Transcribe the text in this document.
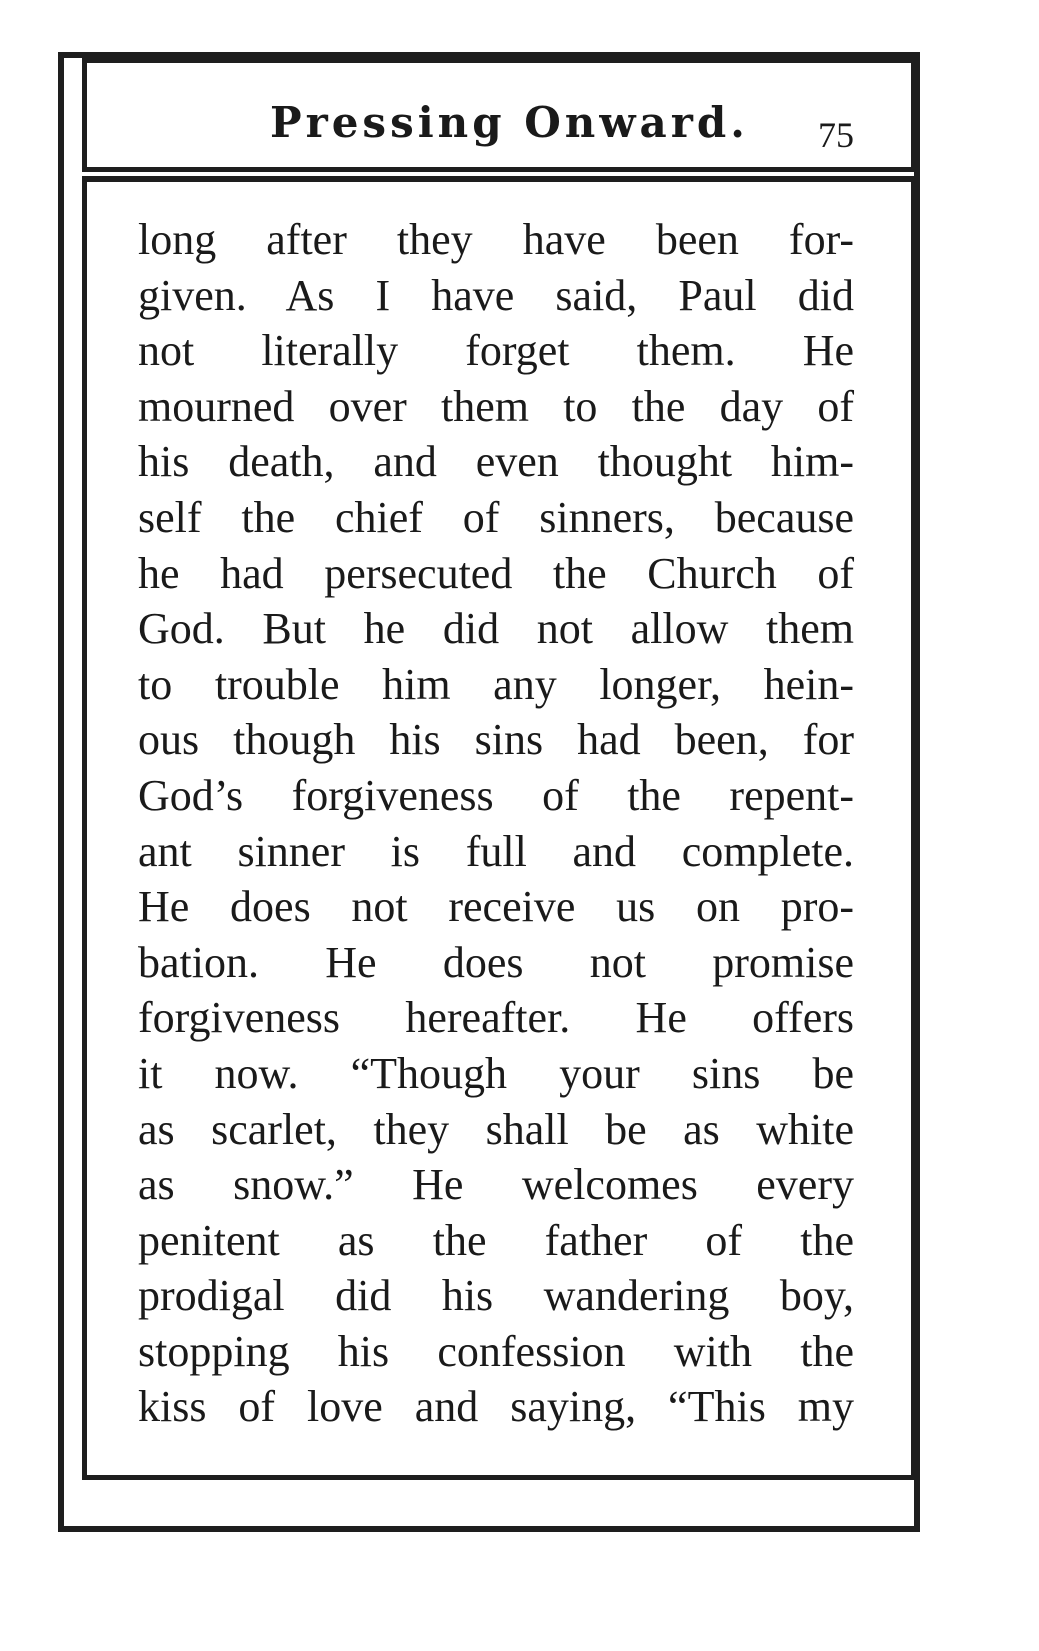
Pressing Onward. 75
long after they have been for-
given. As I have said, Paul did
not literally forget them. He
mourned over them to the day of
his death, and even thought him-
self the chief of sinners, because
he had persecuted the Church of
God. But he did not allow them
to trouble him any longer, hein-
ous though his sins had been, for
God’s forgiveness of the repent-
ant sinner is full and complete.
He does not receive us on pro-
bation. He does not promise
forgiveness hereafter. He offers
it now. “Though your sins be
as scarlet, they shall be as white
as snow.” He welcomes every
penitent as the father of the
prodigal did his wandering boy,
stopping his confession with the
kiss of love and saying, “This my
